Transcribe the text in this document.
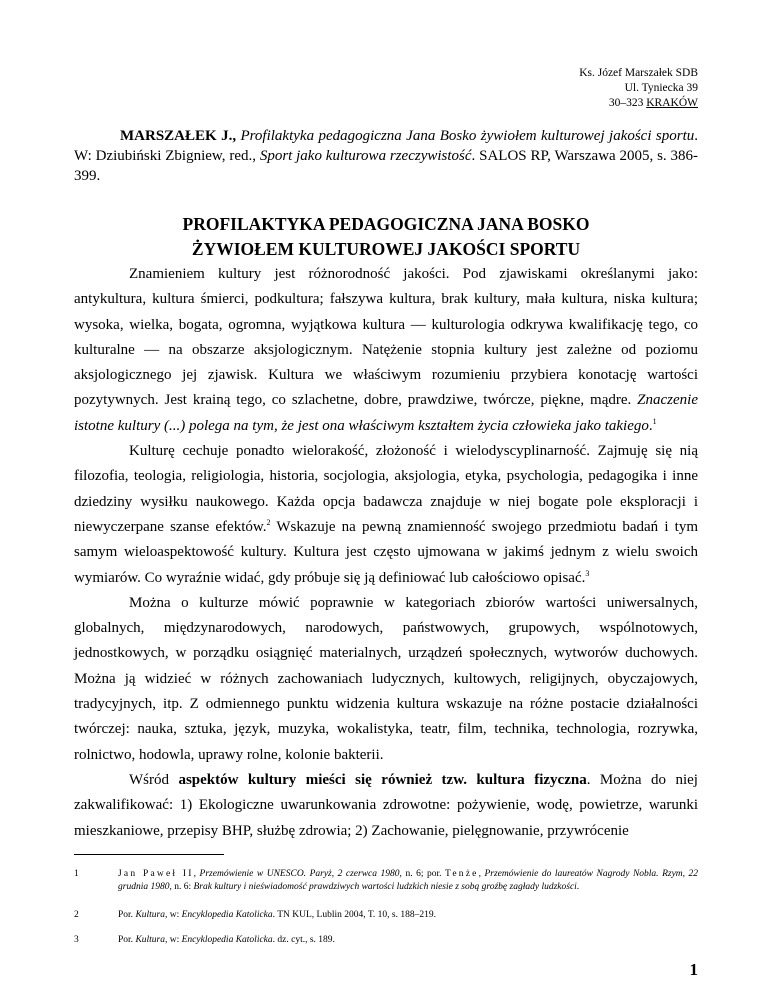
Ks. Józef Marszałek SDB
Ul. Tyniecka 39
30–323 KRAKÓW
MARSZAŁEK J., Profilaktyka pedagogiczna Jana Bosko żywiołem kulturowej jakości sportu. W: Dziubiński Zbigniew, red., Sport jako kulturowa rzeczywistość. SALOS RP, Warszawa 2005, s. 386-399.
PROFILAKTYKA PEDAGOGICZNA JANA BOSKO
ŻYWIOŁEM KULTUROWEJ JAKOŚCI SPORTU

Znamieniem kultury jest różnorodność jakości. Pod zjawiskami określanymi jako: antykultura, kultura śmierci, podkultura; fałszywa kultura, brak kultury, mała kultura, niska kultura; wysoka, wielka, bogata, ogromna, wyjątkowa kultura — kulturologia odkrywa kwalifikację tego, co kulturalne — na obszarze aksjologicznym. Natężenie stopnia kultury jest zależne od poziomu aksjologicznego jej zjawisk. Kultura we właściwym rozumieniu przybiera konotację wartości pozytywnych. Jest krainą tego, co szlachetne, dobre, prawdziwe, twórcze, piękne, mądre. Znaczenie istotne kultury (...) polega na tym, że jest ona właściwym kształtem życia człowieka jako takiego.$^1$

Kulturę cechuje ponadto wielorakość, złożoność i wielodyscyplinarność. Zajmuję się nią filozofia, teologia, religiologia, historia, socjologia, aksjologia, etyka, psychologia, pedagogika i inne dziedziny wysiłku naukowego. Każda opcja badawcza znajduje w niej bogate pole eksploracji i niewyczerpane szanse efektów.$^2$ Wskazuje na pewną znamienność swojego przedmiotu badań i tym samym wieloaspektowość kultury. Kultura jest często ujmowana w jakimś jednym z wielu swoich wymiarów. Co wyraźnie widać, gdy próbuje się ją definiować lub całościowo opisać.$^3$

Można o kulturze mówić poprawnie w kategoriach zbiorów wartości uniwersalnych, globalnych, międzynarodowych, narodowych, państwowych, grupowych, wspólnotowych, jednostkowych, w porządku osiągnięć materialnych, urządzeń społecznych, wytworów duchowych. Można ją widzieć w różnych zachowaniach ludycznych, kultowych, religijnych, obyczajowych, tradycyjnych, itp. Z odmiennego punktu widzenia kultura wskazuje na różne postacie działalności twórczej: nauka, sztuka, język, muzyka, wokalistyka, teatr, film, technika, technologia, rozrywka, rolnictwo, hodowla, uprawy rolne, kolonie bakterii.

Wśród aspektów kultury mieści się również tzw. kultura fizyczna. Można do niej zakwalifikować: 1) Ekologiczne uwarunkowania zdrowotne: pożywienie, wodę, powietrze, warunki mieszkaniowe, przepisy BHP, służbę zdrowia; 2) Zachowanie, pielęgnowanie, przywrócenie

1	Jan Paweł II, Przemówienie w UNESCO. Paryż, 2 czerwca 1980, n. 6; por. Tenże, Przemówienie do laureatów Nagrody Nobla. Rzym, 22 grudnia 1980, n. 6: Brak kultury i nieświadomość prawdziwych wartości ludzkich niesie z sobą groźbę zagłady ludzkości.
2	Por. Kultura, w: Encyklopedia Katolicka. TN KUL, Lublin 2004, T. 10, s. 188–219.
3	Por. Kultura, w: Encyklopedia Katolicka. dz. cyt., s. 189.
1
